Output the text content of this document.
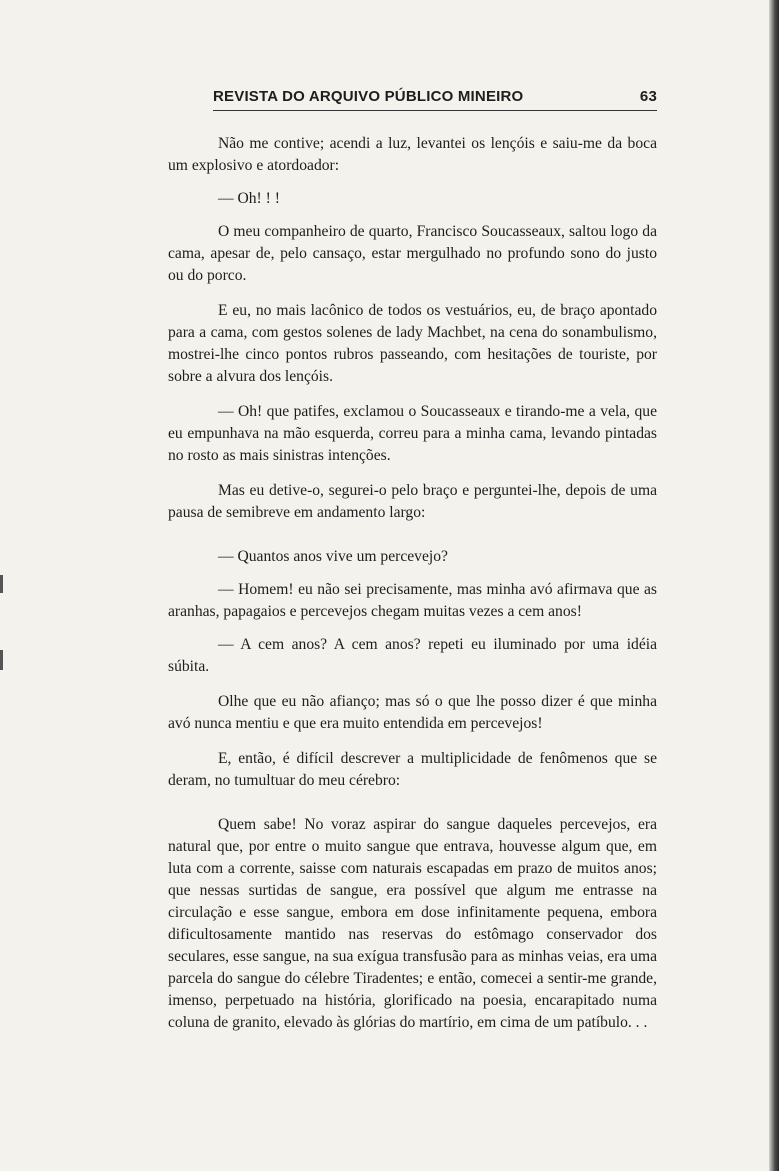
REVISTA DO ARQUIVO PÚBLICO MINEIRO	63

Não me contive; acendi a luz, levantei os lençóis e saiu-me da boca um explosivo e atordoador:

— Oh! ! !

O meu companheiro de quarto, Francisco Soucasseaux, saltou logo da cama, apesar de, pelo cansaço, estar mergulhado no profundo sono do justo ou do porco.

E eu, no mais lacônico de todos os vestuários, eu, de braço apontado para a cama, com gestos solenes de lady Machbet, na cena do sonambulismo, mostrei-lhe cinco pontos rubros passeando, com hesitações de touriste, por sobre a alvura dos lençóis.

— Oh! que patifes, exclamou o Soucasseaux e tirando-me a vela, que eu empunhava na mão esquerda, correu para a minha cama, levando pintadas no rosto as mais sinistras intenções.

Mas eu detive-o, segurei-o pelo braço e perguntei-lhe, depois de uma pausa de semibreve em andamento largo:

— Quantos anos vive um percevejo?

— Homem! eu não sei precisamente, mas minha avó afirmava que as aranhas, papagaios e percevejos chegam muitas vezes a cem anos!

— A cem anos? A cem anos? repeti eu iluminado por uma idéia súbita.

Olhe que eu não afianço; mas só o que lhe posso dizer é que minha avó nunca mentiu e que era muito entendida em percevejos!

E, então, é difícil descrever a multiplicidade de fenômenos que se deram, no tumultuar do meu cérebro:

Quem sabe! No voraz aspirar do sangue daqueles percevejos, era natural que, por entre o muito sangue que entrava, houvesse algum que, em luta com a corrente, saisse com naturais escapadas em prazo de muitos anos; que nessas surtidas de sangue, era possível que algum me entrasse na circulação e esse sangue, embora em dose infinitamente pequena, embora dificultosamente mantido nas reservas do estômago conservador dos seculares, esse sangue, na sua exígua transfusão para as minhas veias, era uma parcela do sangue do célebre Tiradentes; e então, comecei a sentir-me grande, imenso, perpetuado na história, glorificado na poesia, encarapitado numa coluna de granito, elevado às glórias do martírio, em cima de um patíbulo. . .
